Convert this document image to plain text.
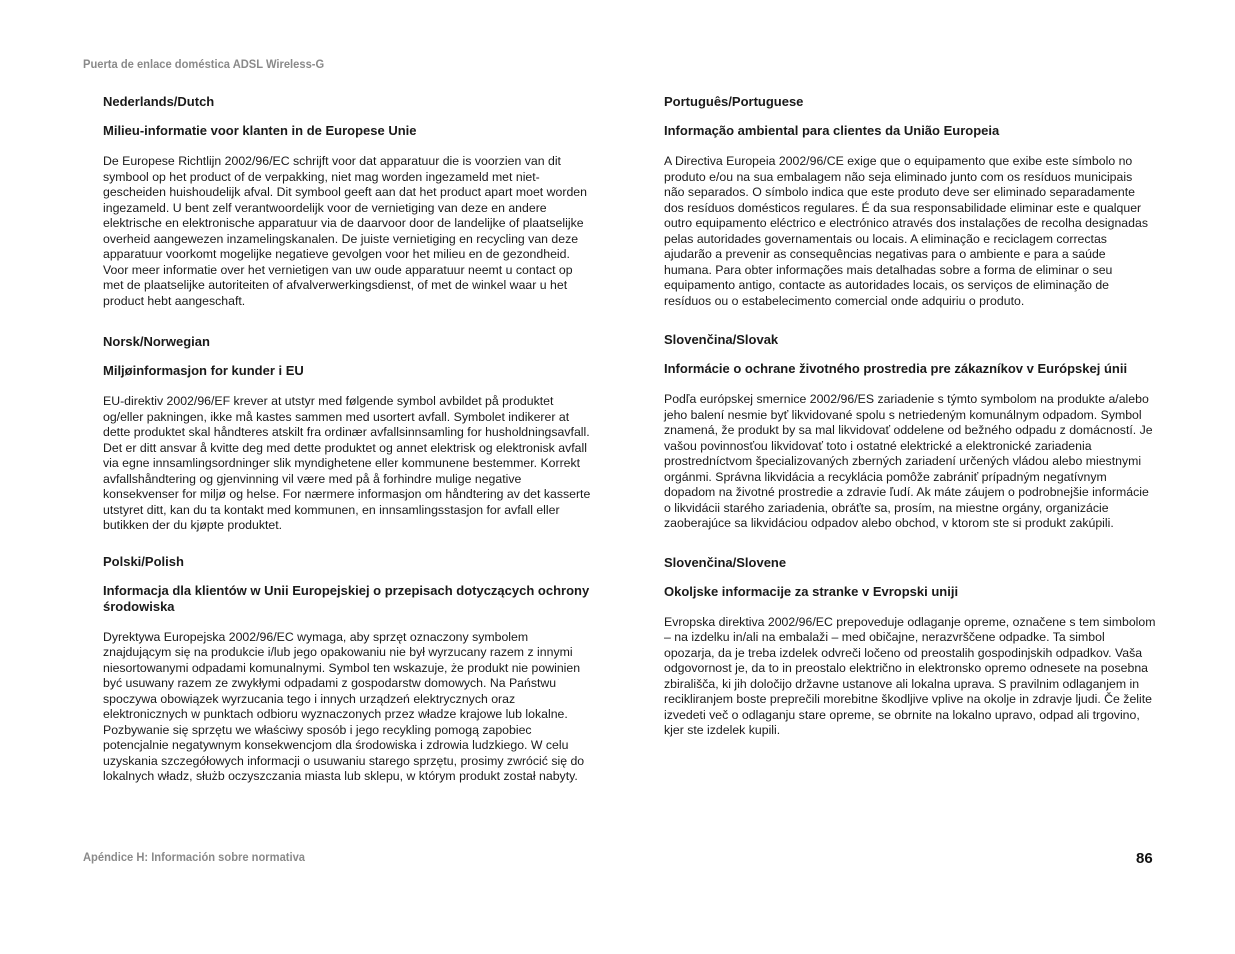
Puerta de enlace doméstica ADSL Wireless-G

Nederlands/Dutch

Milieu-informatie voor klanten in de Europese Unie

De Europese Richtlijn 2002/96/EC schrijft voor dat apparatuur die is voorzien van dit symbool op het product of de verpakking, niet mag worden ingezameld met niet-gescheiden huishoudelijk afval. Dit symbool geeft aan dat het product apart moet worden ingezameld. U bent zelf verantwoordelijk voor de vernietiging van deze en andere elektrische en elektronische apparatuur via de daarvoor door de landelijke of plaatselijke overheid aangewezen inzamelingskanalen. De juiste vernietiging en recycling van deze apparatuur voorkomt mogelijke negatieve gevolgen voor het milieu en de gezondheid. Voor meer informatie over het vernietigen van uw oude apparatuur neemt u contact op met de plaatselijke autoriteiten of afvalverwerkingsdienst, of met de winkel waar u het product hebt aangeschaft.

Norsk/Norwegian

Miljøinformasjon for kunder i EU

EU-direktiv 2002/96/EF krever at utstyr med følgende symbol avbildet på produktet og/eller pakningen, ikke må kastes sammen med usortert avfall. Symbolet indikerer at dette produktet skal håndteres atskilt fra ordinær avfallsinnsamling for husholdningsavfall. Det er ditt ansvar å kvitte deg med dette produktet og annet elektrisk og elektronisk avfall via egne innsamlingsordninger slik myndighetene eller kommunene bestemmer. Korrekt avfallshåndtering og gjenvinning vil være med på å forhindre mulige negative konsekvenser for miljø og helse. For nærmere informasjon om håndtering av det kasserte utstyret ditt, kan du ta kontakt med kommunen, en innsamlingsstasjon for avfall eller butikken der du kjøpte produktet.

Polski/Polish

Informacja dla klientów w Unii Europejskiej o przepisach dotyczących ochrony środowiska

Dyrektywa Europejska 2002/96/EC wymaga, aby sprzęt oznaczony symbolem znajdującym się na produkcie i/lub jego opakowaniu nie był wyrzucany razem z innymi niesortowanymi odpadami komunalnymi. Symbol ten wskazuje, że produkt nie powinien być usuwany razem ze zwykłymi odpadami z gospodarstw domowych. Na Państwu spoczywa obowiązek wyrzucania tego i innych urządzeń elektrycznych oraz elektronicznych w punktach odbioru wyznaczonych przez władze krajowe lub lokalne. Pozbywanie się sprzętu we właściwy sposób i jego recykling pomogą zapobiec potencjalnie negatywnym konsekwencjom dla środowiska i zdrowia ludzkiego. W celu uzyskania szczegółowych informacji o usuwaniu starego sprzętu, prosimy zwrócić się do lokalnych władz, służb oczyszczania miasta lub sklepu, w którym produkt został nabyty.

Português/Portuguese

Informação ambiental para clientes da União Europeia

A Directiva Europeia 2002/96/CE exige que o equipamento que exibe este símbolo no produto e/ou na sua embalagem não seja eliminado junto com os resíduos municipais não separados. O símbolo indica que este produto deve ser eliminado separadamente dos resíduos domésticos regulares. É da sua responsabilidade eliminar este e qualquer outro equipamento eléctrico e electrónico através dos instalações de recolha designadas pelas autoridades governamentais ou locais. A eliminação e reciclagem correctas ajudarão a prevenir as consequências negativas para o ambiente e para a saúde humana. Para obter informações mais detalhadas sobre a forma de eliminar o seu equipamento antigo, contacte as autoridades locais, os serviços de eliminação de resíduos ou o estabelecimento comercial onde adquiriu o produto.

Slovenčina/Slovak

Informácie o ochrane životného prostredia pre zákazníkov v Európskej únii

Podľa európskej smernice 2002/96/ES zariadenie s týmto symbolom na produkte a/alebo jeho balení nesmie byť likvidované spolu s netriedeným komunálnym odpadom. Symbol znamená, že produkt by sa mal likvidovať oddelene od bežného odpadu z domácností. Je vašou povinnosťou likvidovať toto i ostatné elektrické a elektronické zariadenia prostredníctvom špecializovaných zberných zariadení určených vládou alebo miestnymi orgánmi. Správna likvidácia a recyklácia pomôže zabrániť prípadným negatívnym dopadom na životné prostredie a zdravie ľudí. Ak máte záujem o podrobnejšie informácie o likvidácii starého zariadenia, obráťte sa, prosím, na miestne orgány, organizácie zaoberajúce sa likvidáciou odpadov alebo obchod, v ktorom ste si produkt zakúpili.

Slovenčina/Slovene

Okoljske informacije za stranke v Evropski uniji

Evropska direktiva 2002/96/EC prepoveduje odlaganje opreme, označene s tem simbolom – na izdelku in/ali na embalaži – med običajne, nerazvrščene odpadke. Ta simbol opozarja, da je treba izdelek odvreči ločeno od preostalih gospodinjskih odpadkov. Vaša odgovornost je, da to in preostalo električno in elektronsko opremo odnesete na posebna zbirališča, ki jih določijo državne ustanove ali lokalna uprava. S pravilnim odlaganjem in recikliranjem boste preprečili morebitne škodljive vplive na okolje in zdravje ljudi. Če želite izvedeti več o odlaganju stare opreme, se obrnite na lokalno upravo, odpad ali trgovino, kjer ste izdelek kupili.

Apéndice H: Información sobre normativa	86
